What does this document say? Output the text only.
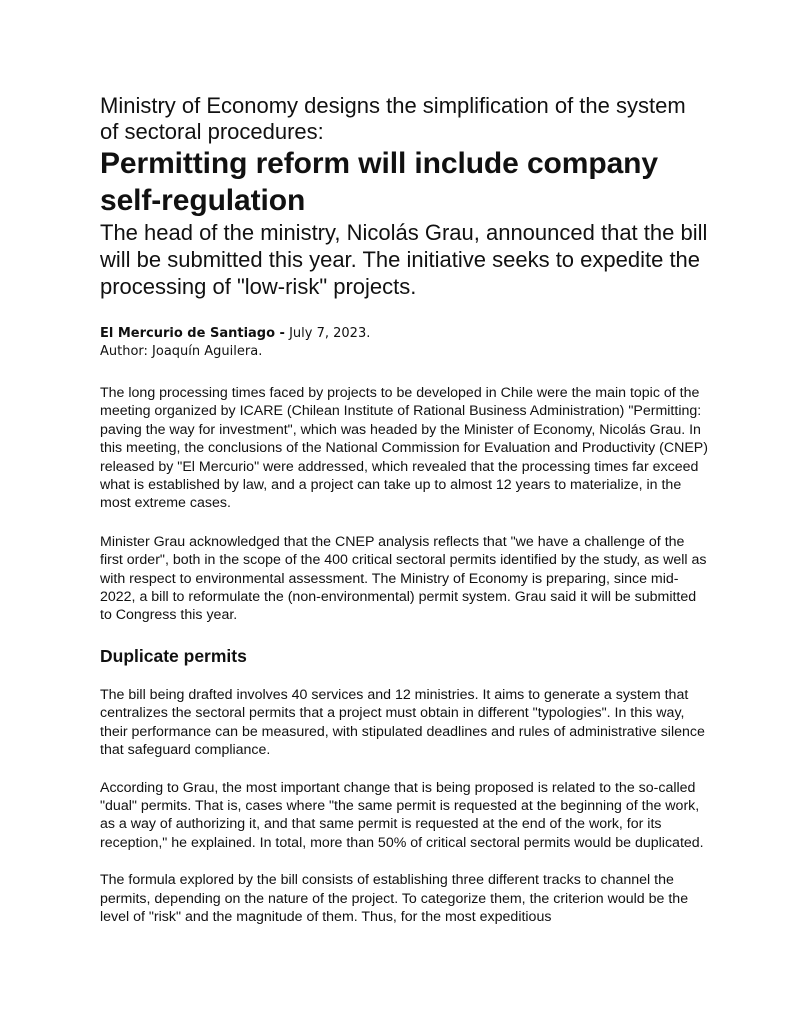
Ministry of Economy designs the simplification of the system of sectoral procedures:
Permitting reform will include company self-regulation
The head of the ministry, Nicolás Grau, announced that the bill will be submitted this year. The initiative seeks to expedite the processing of "low-risk" projects.
El Mercurio de Santiago - July 7, 2023.
Author: Joaquín Aguilera.

The long processing times faced by projects to be developed in Chile were the main topic of the meeting organized by ICARE (Chilean Institute of Rational Business Administration) "Permitting: paving the way for investment", which was headed by the Minister of Economy, Nicolás Grau. In this meeting, the conclusions of the National Commission for Evaluation and Productivity (CNEP) released by "El Mercurio" were addressed, which revealed that the processing times far exceed what is established by law, and a project can take up to almost 12 years to materialize, in the most extreme cases.

Minister Grau acknowledged that the CNEP analysis reflects that "we have a challenge of the first order", both in the scope of the 400 critical sectoral permits identified by the study, as well as with respect to environmental assessment. The Ministry of Economy is preparing, since mid-2022, a bill to reformulate the (non-environmental) permit system. Grau said it will be submitted to Congress this year.

Duplicate permits

The bill being drafted involves 40 services and 12 ministries. It aims to generate a system that centralizes the sectoral permits that a project must obtain in different "typologies". In this way, their performance can be measured, with stipulated deadlines and rules of administrative silence that safeguard compliance.

According to Grau, the most important change that is being proposed is related to the so-called "dual" permits. That is, cases where "the same permit is requested at the beginning of the work, as a way of authorizing it, and that same permit is requested at the end of the work, for its reception," he explained. In total, more than 50% of critical sectoral permits would be duplicated.

The formula explored by the bill consists of establishing three different tracks to channel the permits, depending on the nature of the project. To categorize them, the criterion would be the level of "risk" and the magnitude of them. Thus, for the most expeditious
